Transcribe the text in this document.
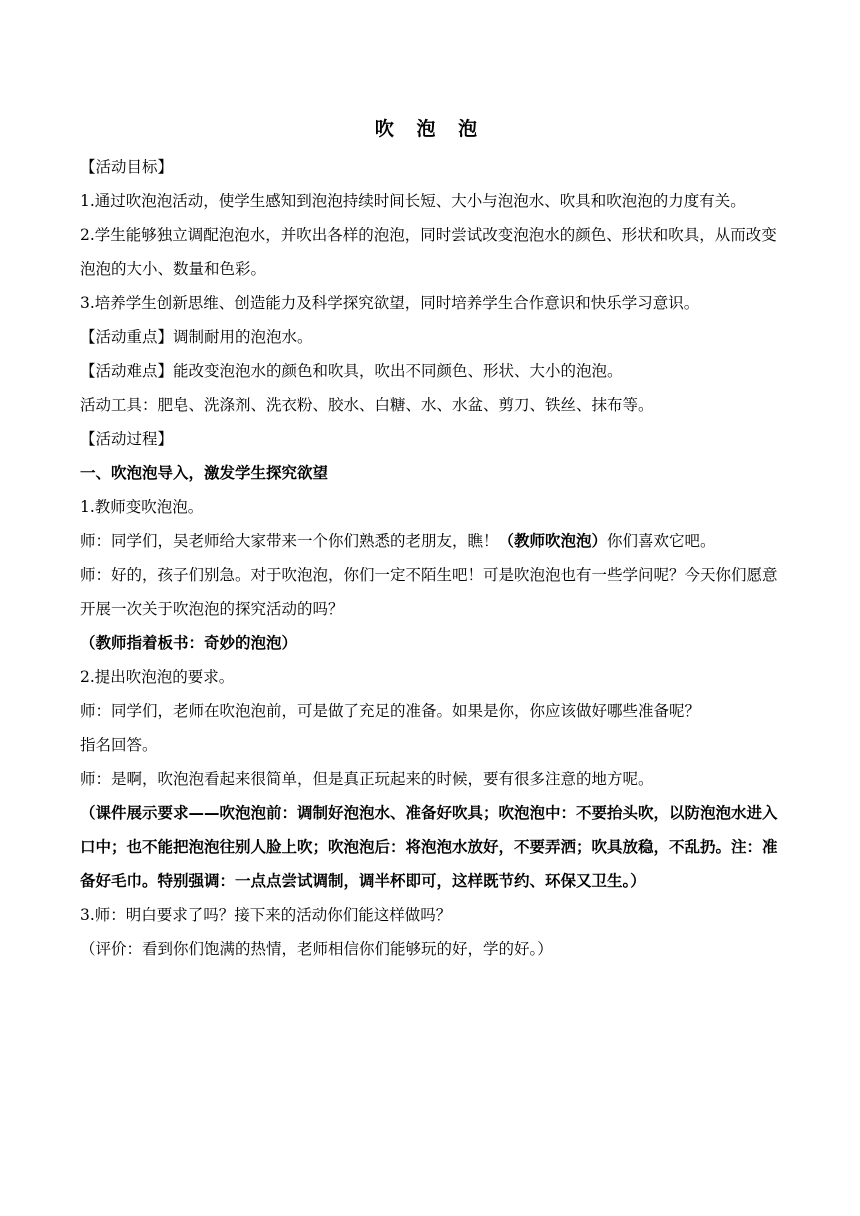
吹 泡 泡

【活动目标】

1.通过吹泡泡活动，使学生感知到泡泡持续时间长短、大小与泡泡水、吹具和吹泡泡的力度有关。

2.学生能够独立调配泡泡水，并吹出各样的泡泡，同时尝试改变泡泡水的颜色、形状和吹具，从而改变泡泡的大小、数量和色彩。

3.培养学生创新思维、创造能力及科学探究欲望，同时培养学生合作意识和快乐学习意识。

【活动重点】调制耐用的泡泡水。

【活动难点】能改变泡泡水的颜色和吹具，吹出不同颜色、形状、大小的泡泡。

活动工具：肥皂、洗涤剂、洗衣粉、胶水、白糖、水、水盆、剪刀、铁丝、抹布等。

【活动过程】

一、吹泡泡导入，激发学生探究欲望

1.教师变吹泡泡。

师：同学们，吴老师给大家带来一个你们熟悉的老朋友，瞧！（教师吹泡泡）你们喜欢它吧。

师：好的，孩子们别急。对于吹泡泡，你们一定不陌生吧！可是吹泡泡也有一些学问呢？今天你们愿意开展一次关于吹泡泡的探究活动的吗？

（教师指着板书：奇妙的泡泡）

2.提出吹泡泡的要求。

师：同学们，老师在吹泡泡前，可是做了充足的准备。如果是你，你应该做好哪些准备呢？

指名回答。

师：是啊，吹泡泡看起来很简单，但是真正玩起来的时候，要有很多注意的地方呢。

（课件展示要求——吹泡泡前：调制好泡泡水、准备好吹具；吹泡泡中：不要抬头吹，以防泡泡水进入口中；也不能把泡泡往别人脸上吹；吹泡泡后：将泡泡水放好，不要弄洒；吹具放稳，不乱扔。注：准备好毛巾。特别强调：一点点尝试调制，调半杯即可，这样既节约、环保又卫生。）

3.师：明白要求了吗？接下来的活动你们能这样做吗？

（评价：看到你们饱满的热情，老师相信你们能够玩的好，学的好。）
